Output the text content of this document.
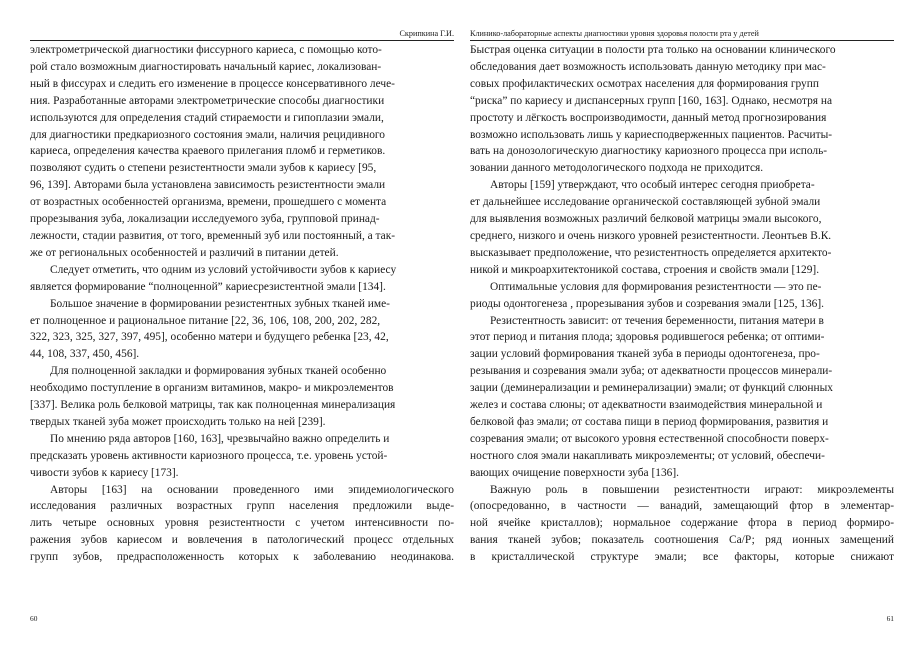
Скрипкина Г.И.

электрометрической диагностики фиссурного кариеса, с помощью кото-
рой стало возможным диагностировать начальный кариес, локализован-
ный в фиссурах и следить его изменение в процессе консервативного лече-
ния. Разработанные авторами электрометрические способы диагностики
используются для определения стадий стираемости и гипоплазии эмали,
для диагностики предкариозного состояния эмали, наличия рецидивного
кариеса, определения качества краевого прилегания пломб и герметиков.
позволяют судить о степени резистентности эмали зубов к кариесу [95,
96, 139]. Авторами была установлена зависимость резистентности эмали
от возрастных особенностей организма, времени, прошедшего с момента
прорезывания зуба, локализации исследуемого зуба, групповой принад-
лежности, стадии развития, от того, временный зуб или постоянный, а так-
же от региональных особенностей и различий в питании детей.

Следует отметить, что одним из условий устойчивости зубов к кариесу
является формирование “полноценной” кариесрезистентной эмали [134].

Большое значение в формировании резистентных зубных тканей име-
ет полноценное и рациональное питание [22, 36, 106, 108, 200, 202, 282,
322, 323, 325, 327, 397, 495], особенно матери и будущего ребенка [23, 42,
44, 108, 337, 450, 456].

Для полноценной закладки и формирования зубных тканей особенно
необходимо поступление в организм витаминов, макро- и микроэлементов
[337]. Велика роль белковой матрицы, так как полноценная минерализация
твердых тканей зуба может происходить только на ней [239].

По мнению ряда авторов [160, 163], чрезвычайно важно определить и
предсказать уровень активности кариозного процесса, т.е. уровень устой-
чивости зубов к кариесу [173].

Авторы [163] на основании проведенного ими эпидемиологического
исследования различных возрастных групп населения предложили выде-
лить четыре основных уровня резистентности с учетом интенсивности по-
ражения зубов кариесом и вовлечения в патологический процесс отдельных
групп зубов, предрасположенность которых к заболеванию неодинакова.

60
Клинико-лабораторные аспекты диагностики уровня здоровья полости рта у детей

Быстрая оценка ситуации в полости рта только на основании клинического
обследования дает возможность использовать данную методику при мас-
совых профилактических осмотрах населения для формирования групп
“риска” по кариесу и диспансерных групп [160, 163]. Однако, несмотря на
простоту и лёгкость воспроизводимости, данный метод прогнозирования
возможно использовать лишь у кариесподверженных пациентов. Расчиты-
вать на донозологическую диагностику кариозного процесса при исполь-
зовании данного методологического подхода не приходится.

Авторы [159] утверждают, что особый интерес сегодня приобрета-
ет дальнейшее исследование органической составляющей зубной эмали
для выявления возможных различий белковой матрицы эмали высокого,
среднего, низкого и очень низкого уровней резистентности. Леонтьев В.К.
высказывает предположение, что резистентность определяется архитекто-
никой и микроархитектоникой состава, строения и свойств эмали [129].

Оптимальные условия для формирования резистентности — это пе-
риоды одонтогенеза , прорезывания зубов и созревания эмали [125, 136].

Резистентность зависит: от течения беременности, питания матери в
этот период и питания плода; здоровья родившегося ребенка; от оптими-
зации условий формирования тканей зуба в периоды одонтогенеза, про-
резывания и созревания эмали зуба; от адекватности процессов минерали-
зации (деминерализации и реминерализации) эмали; от функций слюнных
желез и состава слюны; от адекватности взаимодействия минеральной и
белковой фаз эмали; от состава пищи в период формирования, развития и
созревания эмали; от высокого уровня естественной способности поверх-
ностного слоя эмали накапливать микроэлементы; от условий, обеспечи-
вающих очищение поверхности зуба [136].

Важную роль в повышении резистентности играют: микроэлементы
(опосредованно, в частности — ванадий, замещающий фтор в элементар-
ной ячейке кристаллов); нормальное содержание фтора в период формиро-
вания тканей зубов; показатель соотношения Са/Р; ряд ионных замещений
в кристаллической структуре эмали; все факторы, которые снижают

61
